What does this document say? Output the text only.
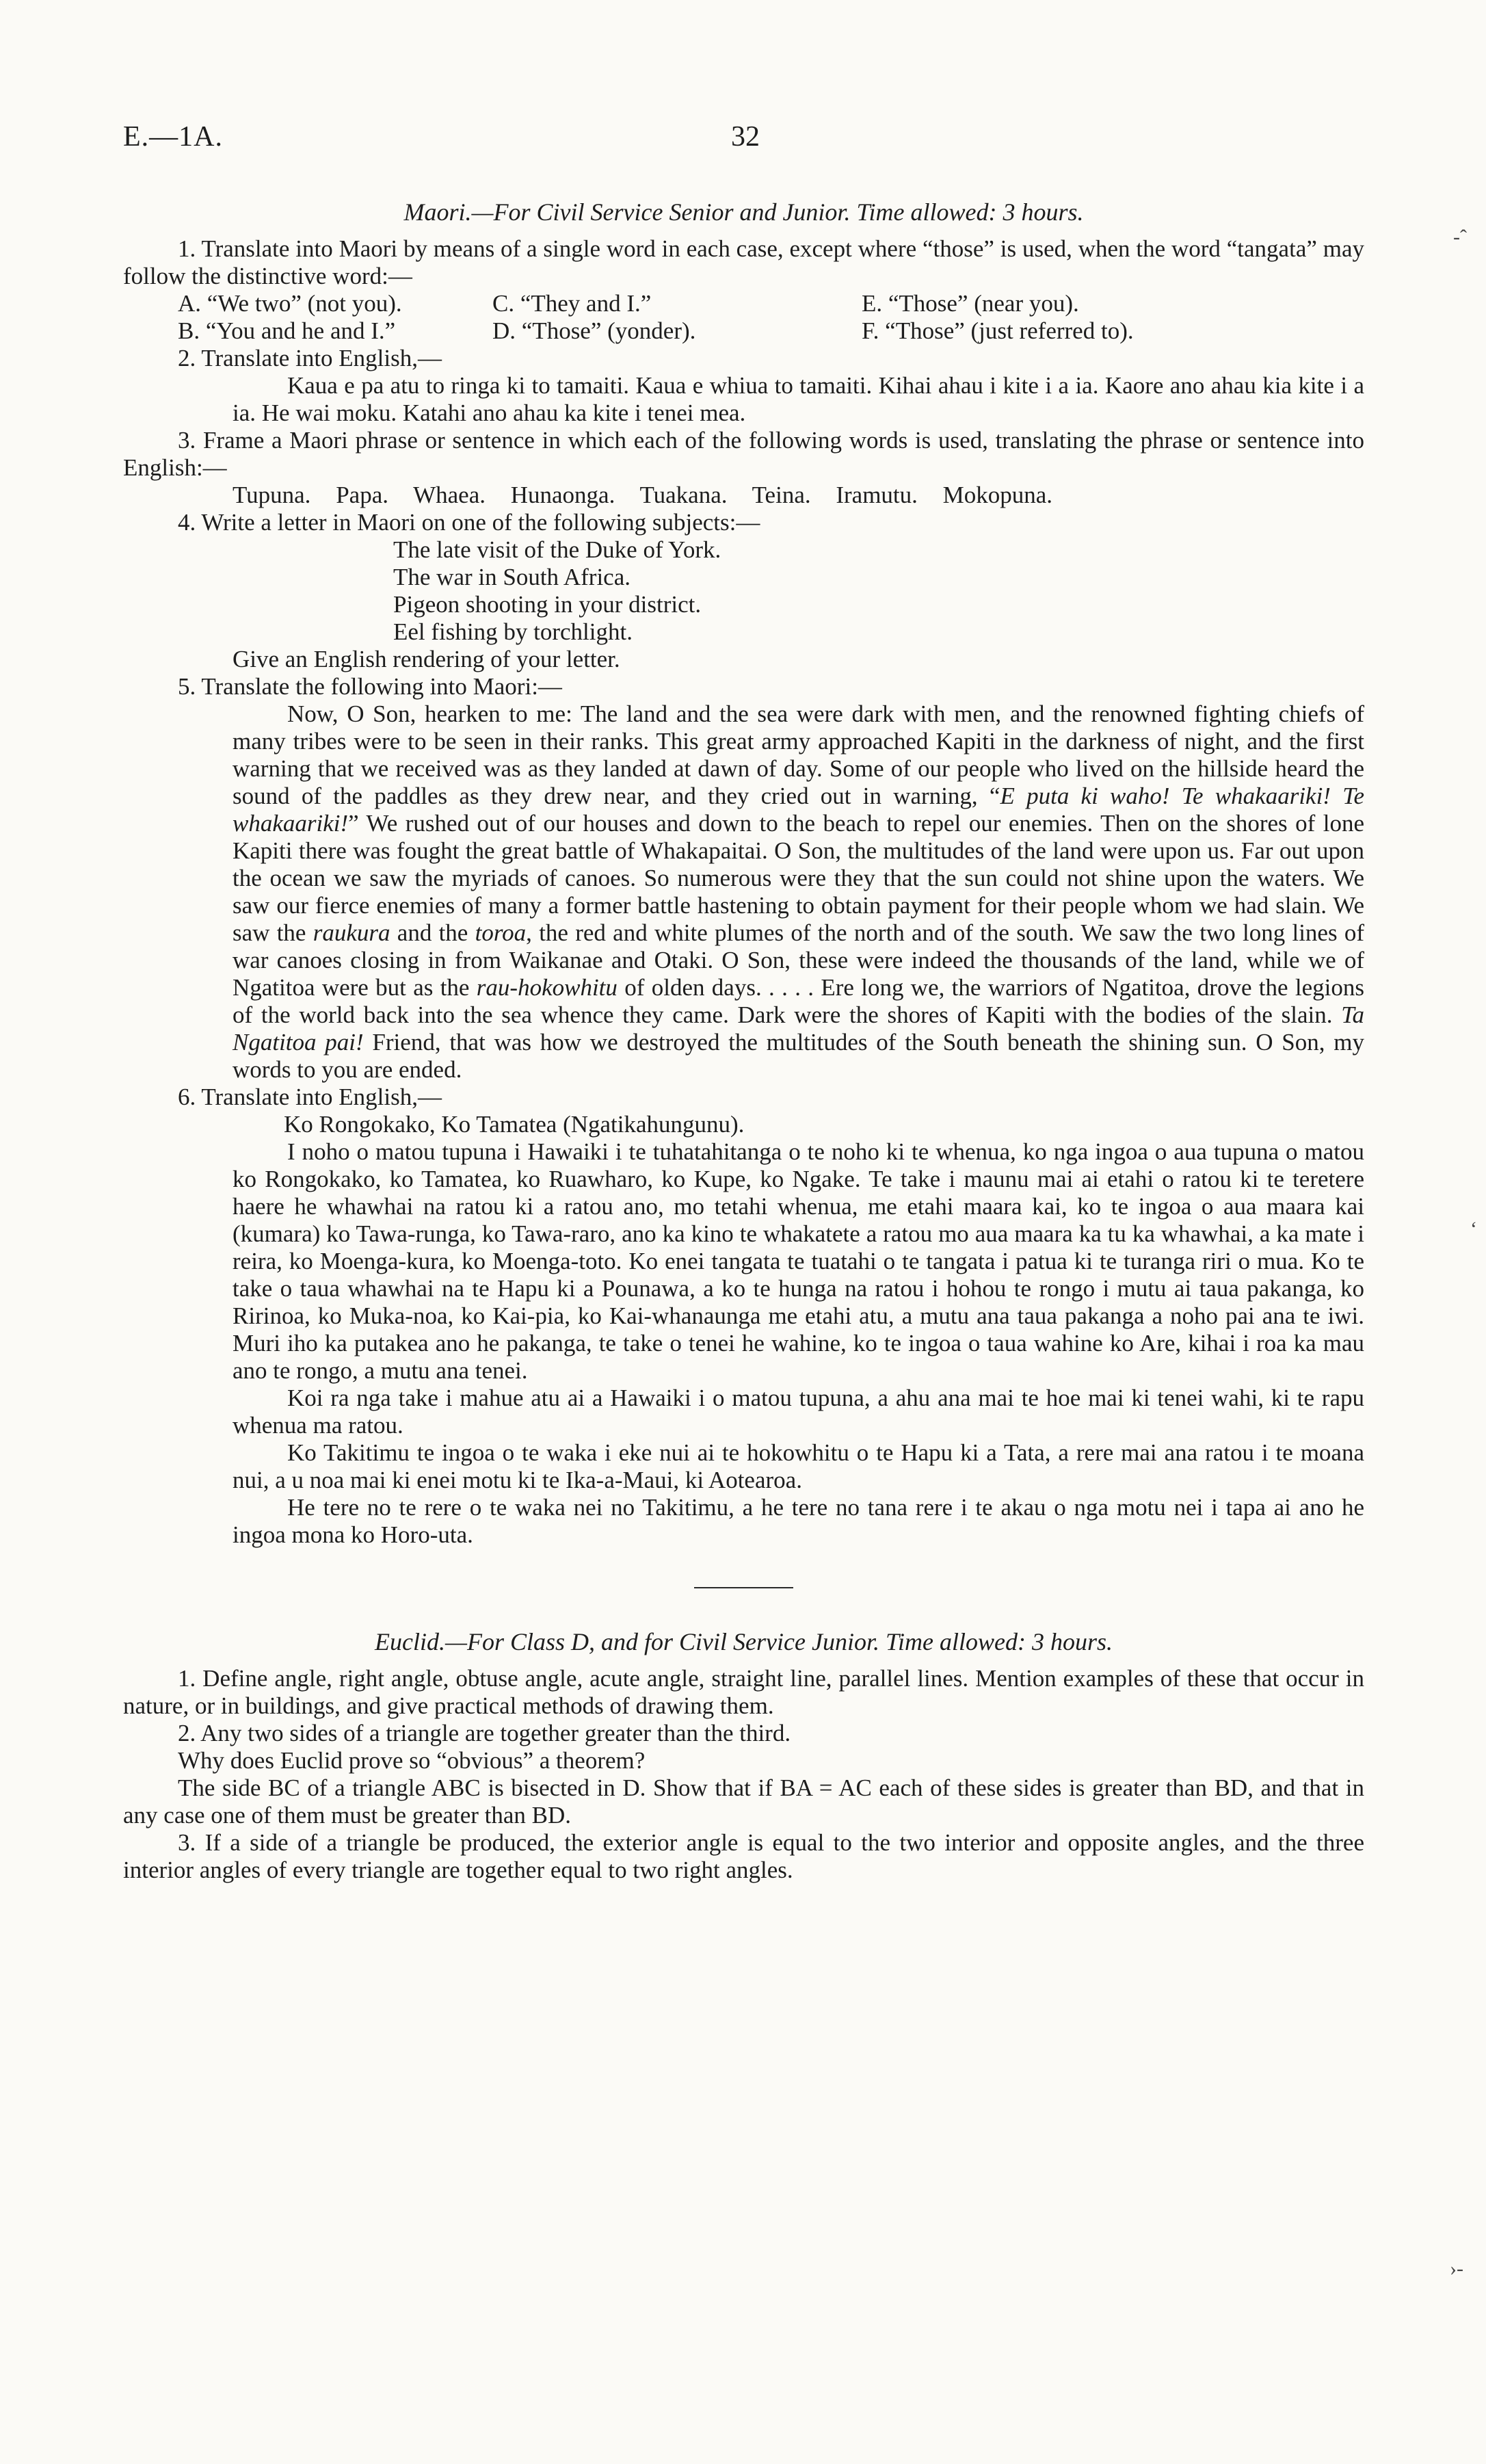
-ˆ
‘
›-
E.—1A.	32

Maori.—For Civil Service Senior and Junior. Time allowed: 3 hours.

1. Translate into Maori by means of a single word in each case, except where “those” is used, when the word “tangata” may follow the distinctive word:—

A. “We two” (not you).	C. “They and I.”	E. “Those” (near you).
B. “You and he and I.”	D. “Those” (yonder).	F. “Those” (just referred to).

2. Translate into English,—

Kaua e pa atu to ringa ki to tamaiti. Kaua e whiua to tamaiti. Kihai ahau i kite i a ia. Kaore ano ahau kia kite i a ia. He wai moku. Katahi ano ahau ka kite i tenei mea.

3. Frame a Maori phrase or sentence in which each of the following words is used, translating the phrase or sentence into English:—

Tupuna. Papa. Whaea. Hunaonga. Tuakana. Teina. Iramutu. Mokopuna.

4. Write a letter in Maori on one of the following subjects:—

The late visit of the Duke of York.

The war in South Africa.

Pigeon shooting in your district.

Eel fishing by torchlight.

Give an English rendering of your letter.

5. Translate the following into Maori:—

Now, O Son, hearken to me: The land and the sea were dark with men, and the renowned fighting chiefs of many tribes were to be seen in their ranks. This great army approached Kapiti in the darkness of night, and the first warning that we received was as they landed at dawn of day. Some of our people who lived on the hillside heard the sound of the paddles as they drew near, and they cried out in warning, “E puta ki waho! Te whakaariki! Te whakaariki!” We rushed out of our houses and down to the beach to repel our enemies. Then on the shores of lone Kapiti there was fought the great battle of Whakapaitai. O Son, the multitudes of the land were upon us. Far out upon the ocean we saw the myriads of canoes. So numerous were they that the sun could not shine upon the waters. We saw our fierce enemies of many a former battle hastening to obtain payment for their people whom we had slain. We saw the raukura and the toroa, the red and white plumes of the north and of the south. We saw the two long lines of war canoes closing in from Waikanae and Otaki. O Son, these were indeed the thousands of the land, while we of Ngatitoa were but as the rau-hokowhitu of olden days. . . . . Ere long we, the warriors of Ngatitoa, drove the legions of the world back into the sea whence they came. Dark were the shores of Kapiti with the bodies of the slain. Ta Ngatitoa pai! Friend, that was how we destroyed the multitudes of the South beneath the shining sun. O Son, my words to you are ended.

6. Translate into English,—

Ko Rongokako, Ko Tamatea (Ngatikahungunu).

I noho o matou tupuna i Hawaiki i te tuhatahitanga o te noho ki te whenua, ko nga ingoa o aua tupuna o matou ko Rongokako, ko Tamatea, ko Ruawharo, ko Kupe, ko Ngake. Te take i maunu mai ai etahi o ratou ki te teretere haere he whawhai na ratou ki a ratou ano, mo tetahi whenua, me etahi maara kai, ko te ingoa o aua maara kai (kumara) ko Tawa-runga, ko Tawa-raro, ano ka kino te whakatete a ratou mo aua maara ka tu ka whawhai, a ka mate i reira, ko Moenga-kura, ko Moenga-toto. Ko enei tangata te tuatahi o te tangata i patua ki te turanga riri o mua. Ko te take o taua whawhai na te Hapu ki a Pounawa, a ko te hunga na ratou i hohou te rongo i mutu ai taua pakanga, ko Ririnoa, ko Muka-noa, ko Kai-pia, ko Kai-whanaunga me etahi atu, a mutu ana taua pakanga a noho pai ana te iwi. Muri iho ka putakea ano he pakanga, te take o tenei he wahine, ko te ingoa o taua wahine ko Are, kihai i roa ka mau ano te rongo, a mutu ana tenei.

Koi ra nga take i mahue atu ai a Hawaiki i o matou tupuna, a ahu ana mai te hoe mai ki tenei wahi, ki te rapu whenua ma ratou.

Ko Takitimu te ingoa o te waka i eke nui ai te hokowhitu o te Hapu ki a Tata, a rere mai ana ratou i te moana nui, a u noa mai ki enei motu ki te Ika-a-Maui, ki Aotearoa.

He tere no te rere o te waka nei no Takitimu, a he tere no tana rere i te akau o nga motu nei i tapa ai ano he ingoa mona ko Horo-uta.

Euclid.—For Class D, and for Civil Service Junior. Time allowed: 3 hours.

1. Define angle, right angle, obtuse angle, acute angle, straight line, parallel lines. Mention examples of these that occur in nature, or in buildings, and give practical methods of drawing them.

2. Any two sides of a triangle are together greater than the third.

Why does Euclid prove so “obvious” a theorem?

The side BC of a triangle ABC is bisected in D. Show that if BA = AC each of these sides is greater than BD, and that in any case one of them must be greater than BD.

3. If a side of a triangle be produced, the exterior angle is equal to the two interior and opposite angles, and the three interior angles of every triangle are together equal to two right angles.
